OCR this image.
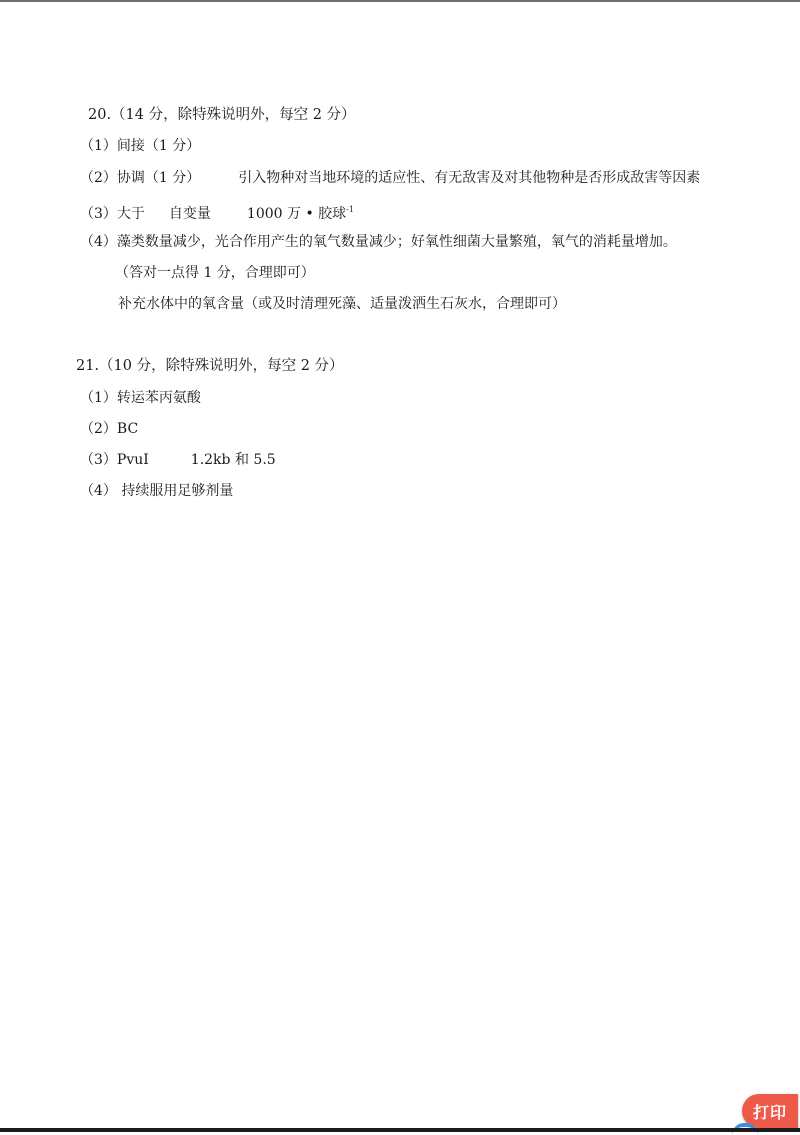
20.（14 分，除特殊说明外，每空 2 分）
（1）间接（1 分）
（2）协调（1 分）	引入物种对当地环境的适应性、有无敌害及对其他物种是否形成敌害等因素
（3）大于 自变量	1000 万 • 胶球$^{-1}$
（4）藻类数量减少，光合作用产生的氧气数量减少；好氧性细菌大量繁殖，氧气的消耗量增加。
（答对一点得 1 分，合理即可）
补充水体中的氧含量（或及时清理死藻、适量泼洒生石灰水，合理即可）
21.（10 分，除特殊说明外，每空 2 分）
（1）转运苯丙氨酸
（2）BC
（3）PvuI	1.2kb 和 5.5
（4） 持续服用足够剂量
打印
